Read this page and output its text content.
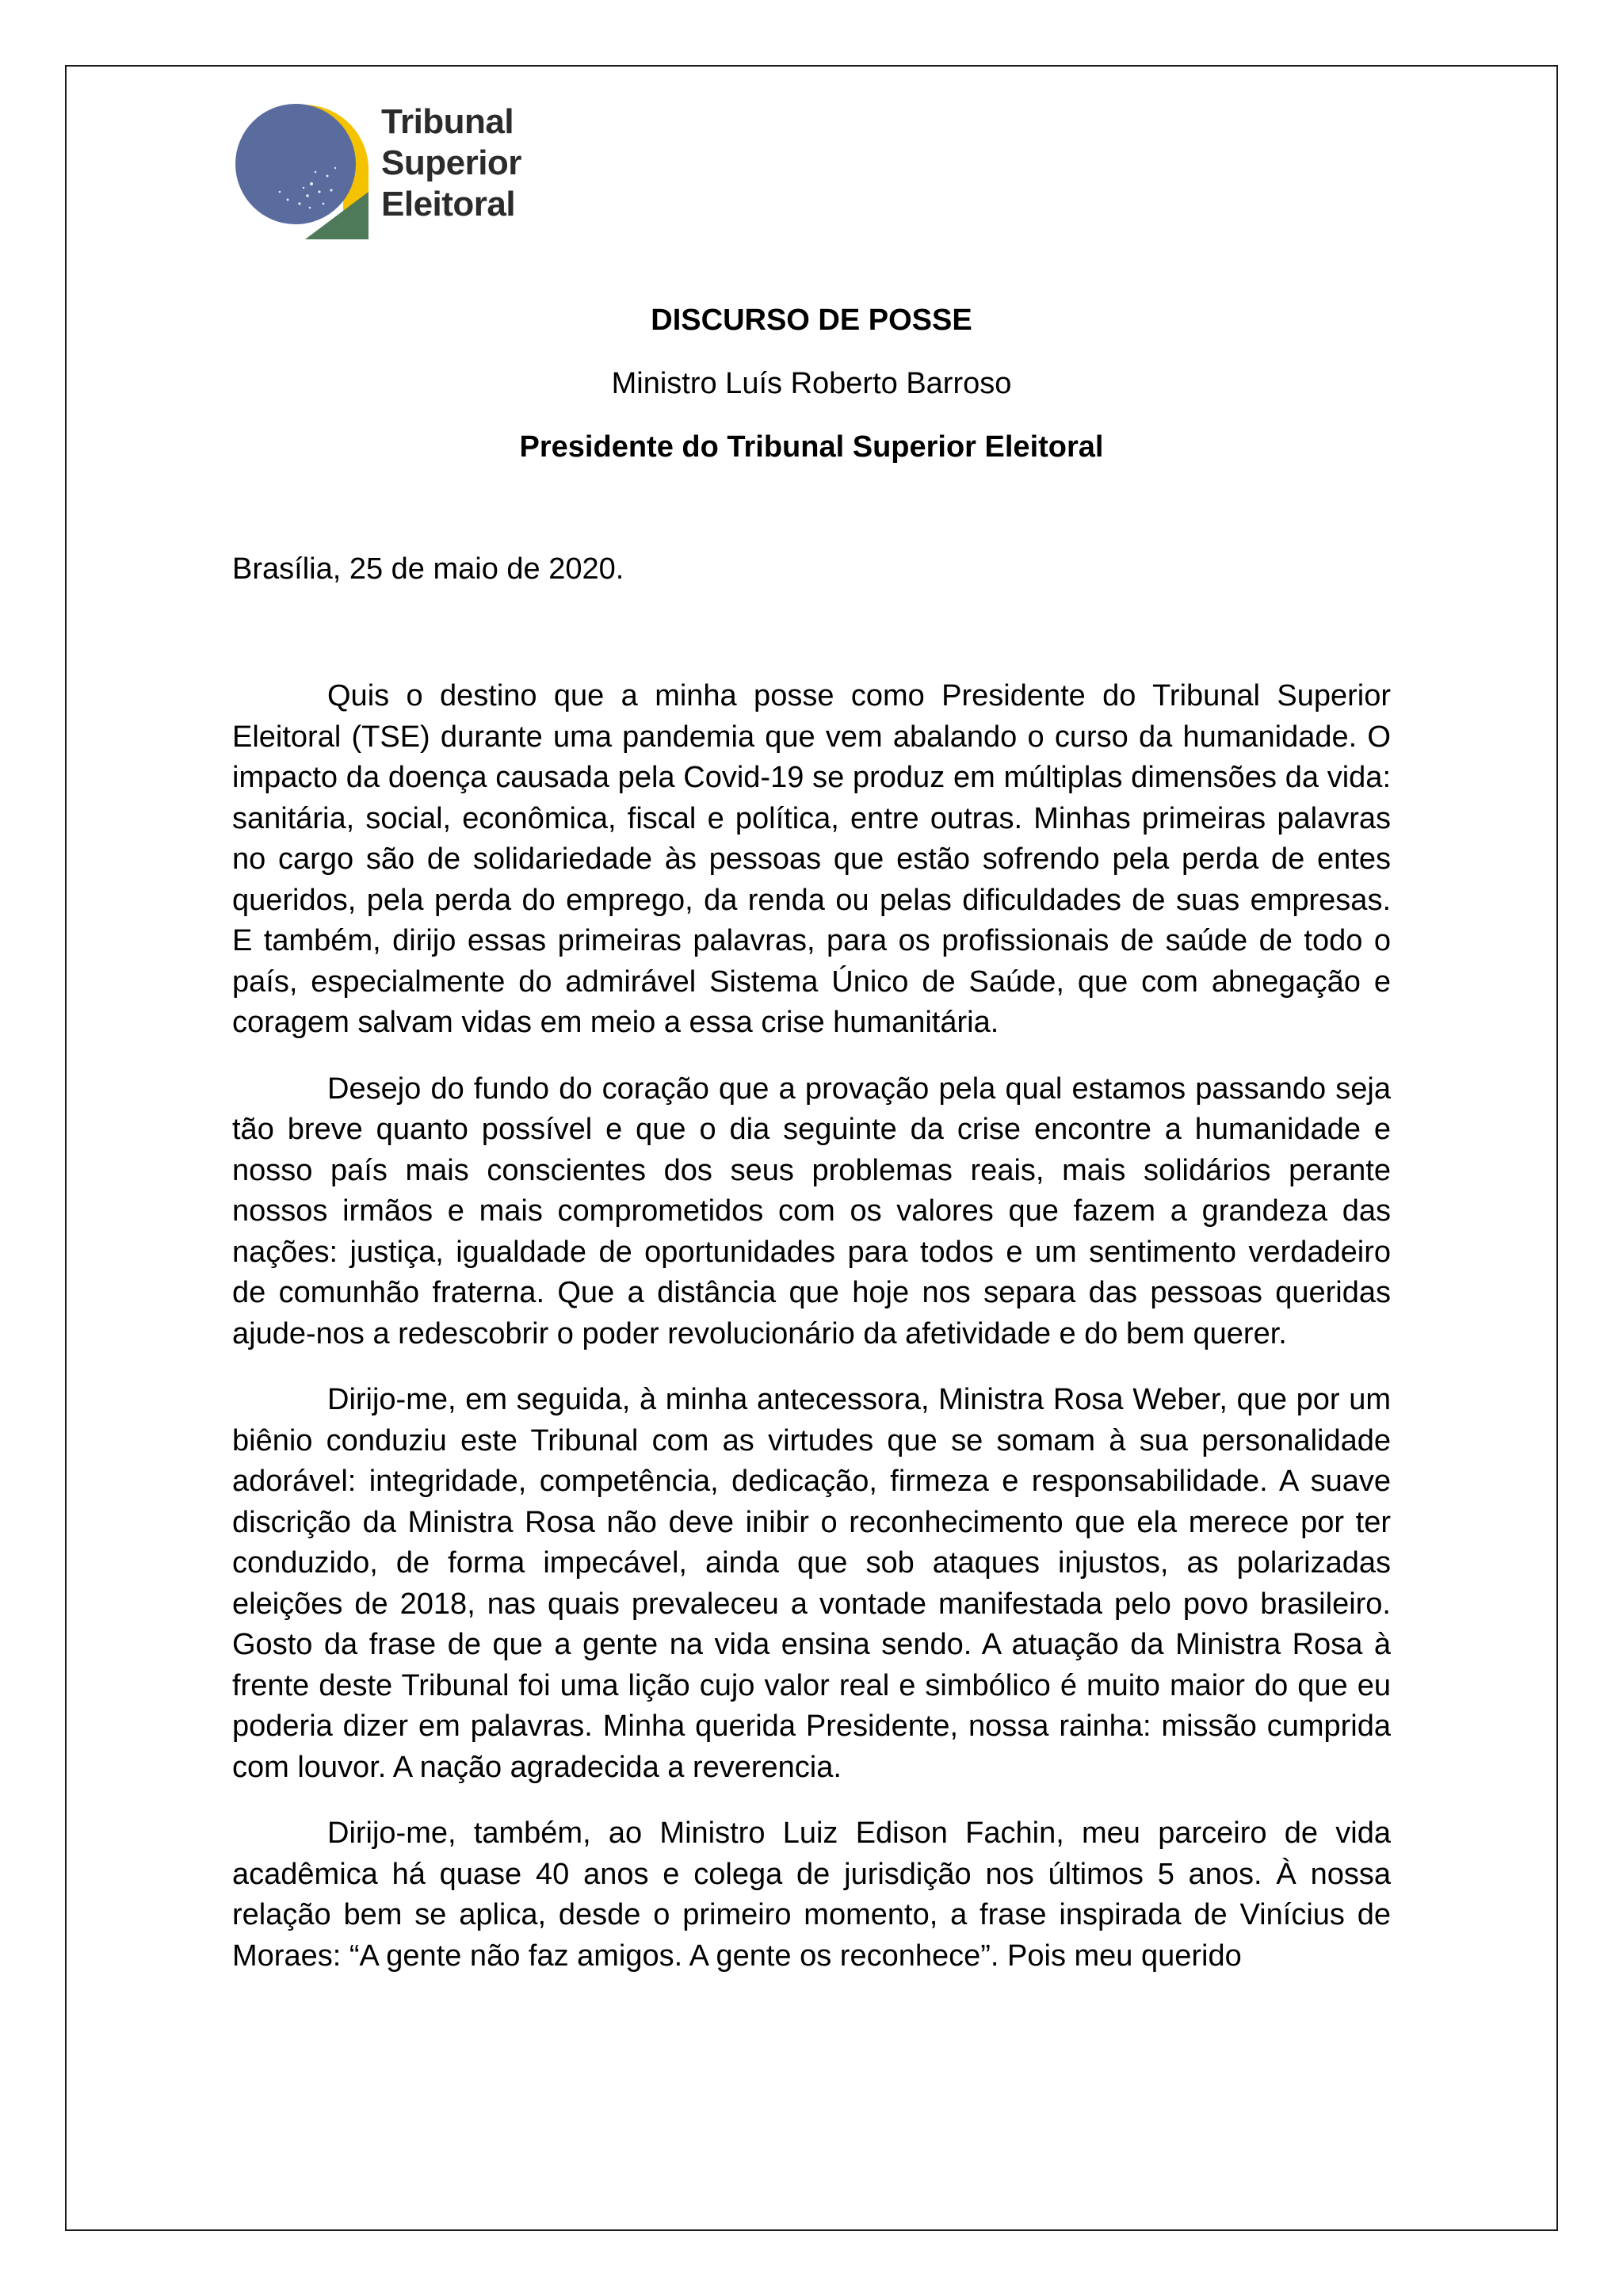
Tribunal
Superior
Eleitoral
DISCURSO DE POSSE
Ministro Luís Roberto Barroso
Presidente do Tribunal Superior Eleitoral
Brasília, 25 de maio de 2020.

Quis o destino que a minha posse como Presidente do Tribunal Superior Eleitoral (TSE) durante uma pandemia que vem abalando o curso da humanidade. O impacto da doença causada pela Covid-19 se produz em múltiplas dimensões da vida: sanitária, social, econômica, fiscal e política, entre outras. Minhas primeiras palavras no cargo são de solidariedade às pessoas que estão sofrendo pela perda de entes queridos, pela perda do emprego, da renda ou pelas dificuldades de suas empresas. E também, dirijo essas primeiras palavras, para os profissionais de saúde de todo o país, especialmente do admirável Sistema Único de Saúde, que com abnegação e coragem salvam vidas em meio a essa crise humanitária.

Desejo do fundo do coração que a provação pela qual estamos passando seja tão breve quanto possível e que o dia seguinte da crise encontre a humanidade e nosso país mais conscientes dos seus problemas reais, mais solidários perante nossos irmãos e mais comprometidos com os valores que fazem a grandeza das nações: justiça, igualdade de oportunidades para todos e um sentimento verdadeiro de comunhão fraterna. Que a distância que hoje nos separa das pessoas queridas ajude-nos a redescobrir o poder revolucionário da afetividade e do bem querer.

Dirijo-me, em seguida, à minha antecessora, Ministra Rosa Weber, que por um biênio conduziu este Tribunal com as virtudes que se somam à sua personalidade adorável: integridade, competência, dedicação, firmeza e responsabilidade. A suave discrição da Ministra Rosa não deve inibir o reconhecimento que ela merece por ter conduzido, de forma impecável, ainda que sob ataques injustos, as polarizadas eleições de 2018, nas quais prevaleceu a vontade manifestada pelo povo brasileiro. Gosto da frase de que a gente na vida ensina sendo. A atuação da Ministra Rosa à frente deste Tribunal foi uma lição cujo valor real e simbólico é muito maior do que eu poderia dizer em palavras. Minha querida Presidente, nossa rainha: missão cumprida com louvor. A nação agradecida a reverencia.

Dirijo-me, também, ao Ministro Luiz Edison Fachin, meu parceiro de vida acadêmica há quase 40 anos e colega de jurisdição nos últimos 5 anos. À nossa relação bem se aplica, desde o primeiro momento, a frase inspirada de Vinícius de Moraes: “A gente não faz amigos. A gente os reconhece”. Pois meu querido
